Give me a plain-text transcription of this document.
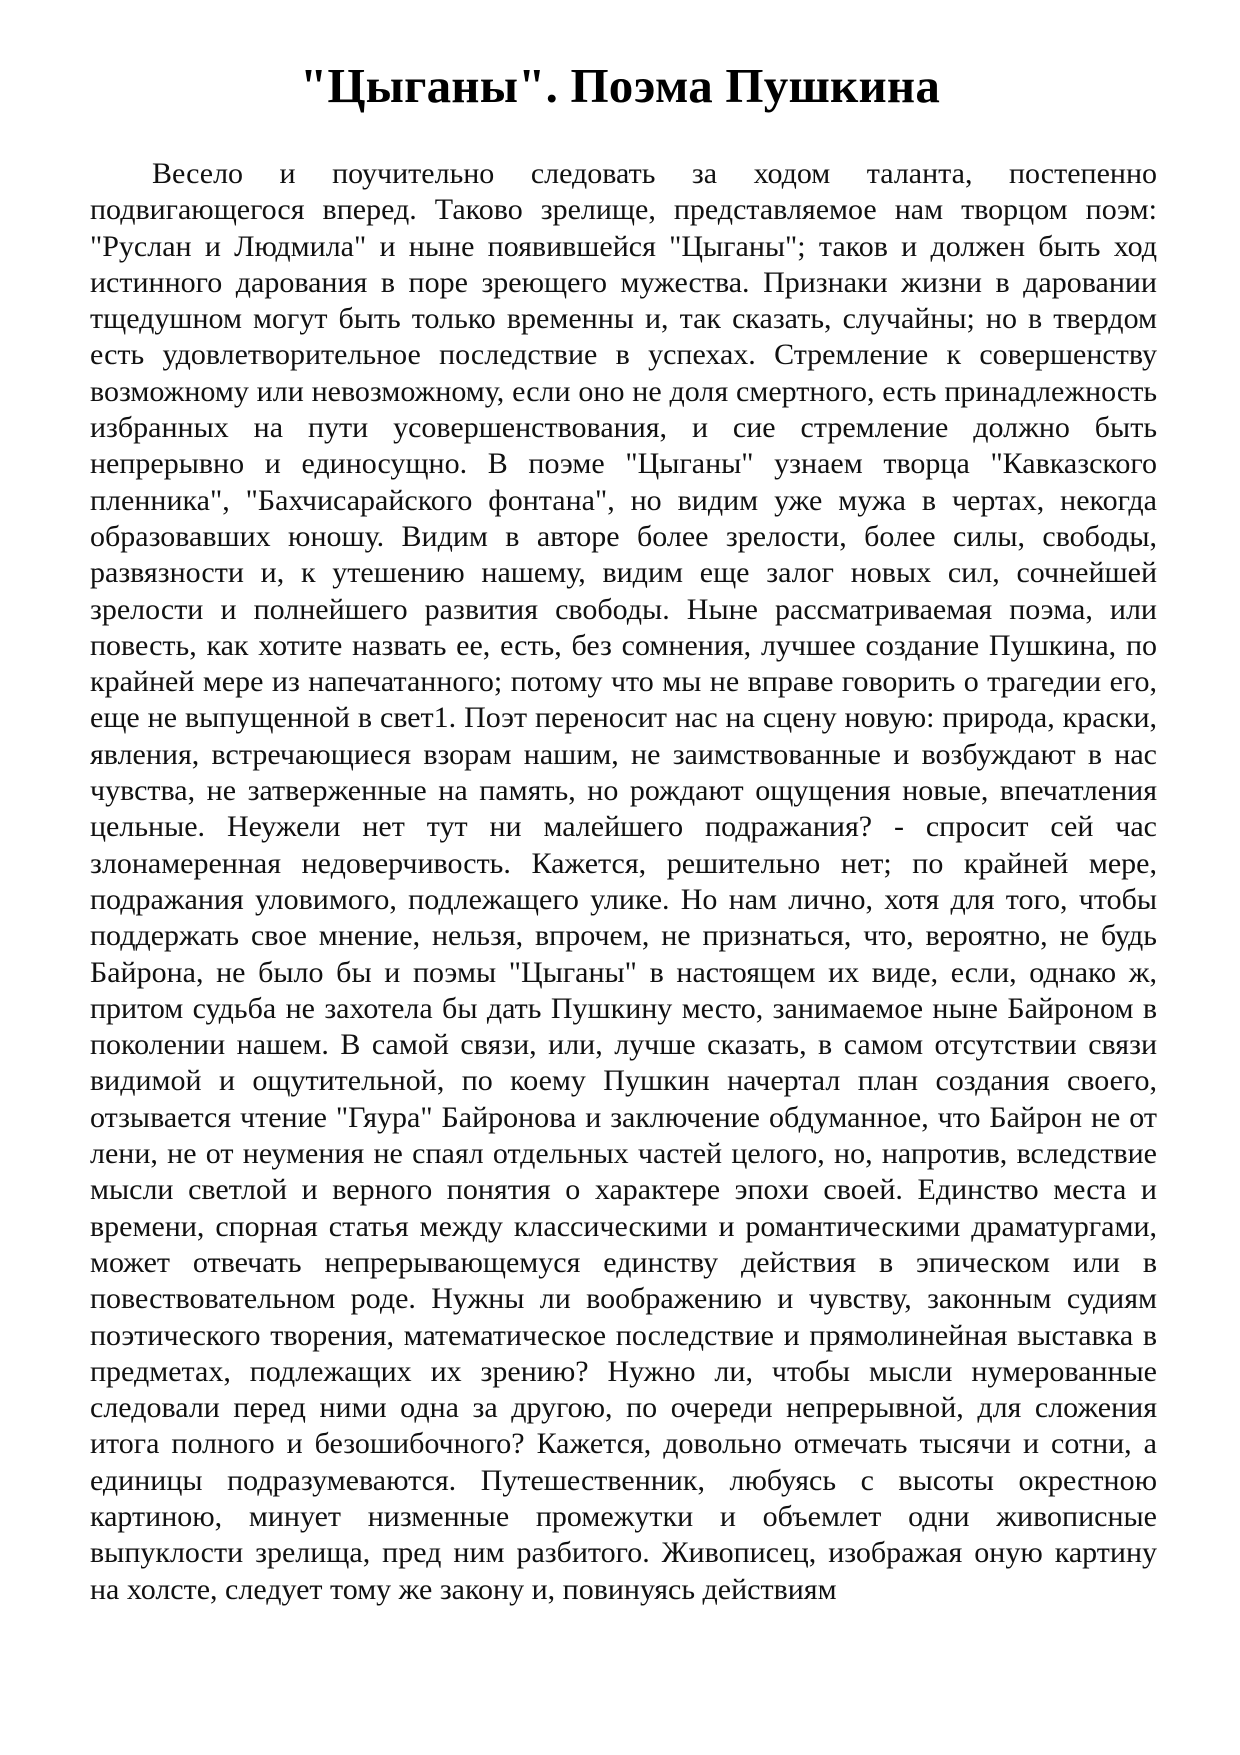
"Цыганы". Поэма Пушкина

Весело и поучительно следовать за ходом таланта, постепенно подвигающегося вперед. Таково зрелище, представляемое нам творцом поэм: "Руслан и Людмила" и ныне появившейся "Цыганы"; таков и должен быть ход истинного дарования в поре зреющего мужества. Признаки жизни в даровании тщедушном могут быть только временны и, так сказать, случайны; но в твердом есть удовлетворительное последствие в успехах. Стремление к совершенству возможному или невозможному, если оно не доля смертного, есть принадлежность избранных на пути усовершенствования, и сие стремление должно быть непрерывно и единосущно. В поэме "Цыганы" узнаем творца "Кавказского пленника", "Бахчисарайского фонтана", но видим уже мужа в чертах, некогда образовавших юношу. Видим в авторе более зрелости, более силы, свободы, развязности и, к утешению нашему, видим еще залог новых сил, сочнейшей зрелости и полнейшего развития свободы. Ныне рассматриваемая поэма, или повесть, как хотите назвать ее, есть, без сомнения, лучшее создание Пушкина, по крайней мере из напечатанного; потому что мы не вправе говорить о трагедии его, еще не выпущенной в свет1. Поэт переносит нас на сцену новую: природа, краски, явления, встречающиеся взорам нашим, не заимствованные и возбуждают в нас чувства, не затверженные на память, но рождают ощущения новые, впечатления цельные. Неужели нет тут ни малейшего подражания? - спросит сей час злонамеренная недоверчивость. Кажется, решительно нет; по крайней мере, подражания уловимого, подлежащего улике. Но нам лично, хотя для того, чтобы поддержать свое мнение, нельзя, впрочем, не признаться, что, вероятно, не будь Байрона, не было бы и поэмы "Цыганы" в настоящем их виде, если, однако ж, притом судьба не захотела бы дать Пушкину место, занимаемое ныне Байроном в поколении нашем. В самой связи, или, лучше сказать, в самом отсутствии связи видимой и ощутительной, по коему Пушкин начертал план создания своего, отзывается чтение "Гяура" Байронова и заключение обдуманное, что Байрон не от лени, не от неумения не спаял отдельных частей целого, но, напротив, вследствие мысли светлой и верного понятия о характере эпохи своей. Единство места и времени, спорная статья между классическими и романтическими драматургами, может отвечать непрерывающемуся единству действия в эпическом или в повествовательном роде. Нужны ли воображению и чувству, законным судиям поэтического творения, математическое последствие и прямолинейная выставка в предметах, подлежащих их зрению? Нужно ли, чтобы мысли нумерованные следовали перед ними одна за другою, по очереди непрерывной, для сложения итога полного и безошибочного? Кажется, довольно отмечать тысячи и сотни, а единицы подразумеваются. Путешественник, любуясь с высоты окрестною картиною, минует низменные промежутки и объемлет одни живописные выпуклости зрелища, пред ним разбитого. Живописец, изображая оную картину на холсте, следует тому же закону и, повинуясь действиям
